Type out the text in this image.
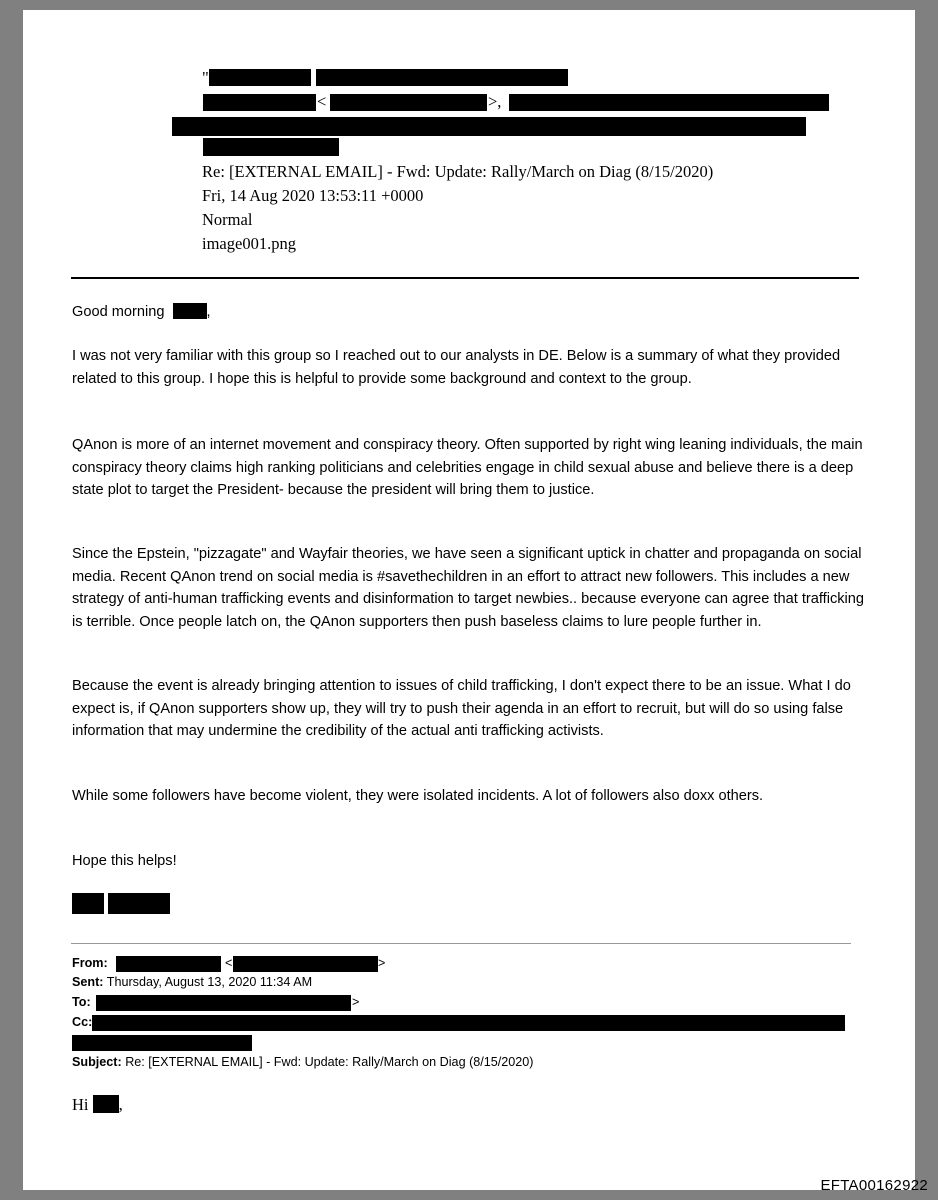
"
<	>,
Re: [EXTERNAL EMAIL] - Fwd: Update: Rally/March on Diag (8/15/2020)
Fri, 14 Aug 2020 13:53:11 +0000
Normal
image001.png
Good morning	,

I was not very familiar with this group so I reached out to our analysts in DE. Below is a summary of what they provided related to this group. I hope this is helpful to provide some background and context to the group.

QAnon is more of an internet movement and conspiracy theory. Often supported by right wing leaning individuals, the main conspiracy theory claims high ranking politicians and celebrities engage in child sexual abuse and believe there is a deep state plot to target the President- because the president will bring them to justice.

Since the Epstein, "pizzagate" and Wayfair theories, we have seen a significant uptick in chatter and propaganda on social media. Recent QAnon trend on social media is #savethechildren in an effort to attract new followers. This includes a new strategy of anti-human trafficking events and disinformation to target newbies.. because everyone can agree that trafficking is terrible. Once people latch on, the QAnon supporters then push baseless claims to lure people further in.

Because the event is already bringing attention to issues of child trafficking, I don't expect there to be an issue. What I do expect is, if QAnon supporters show up, they will try to push their agenda in an effort to recruit, but will do so using false information that may undermine the credibility of the actual anti trafficking activists.

While some followers have become violent, they were isolated incidents. A lot of followers also doxx others.

Hope this helps!

From:	<	>
Sent: Thursday, August 13, 2020 11:34 AM
To:	>
Cc:
Subject: Re: [EXTERNAL EMAIL] - Fwd: Update: Rally/March on Diag (8/15/2020)
Hi ,
EFTA00162922
